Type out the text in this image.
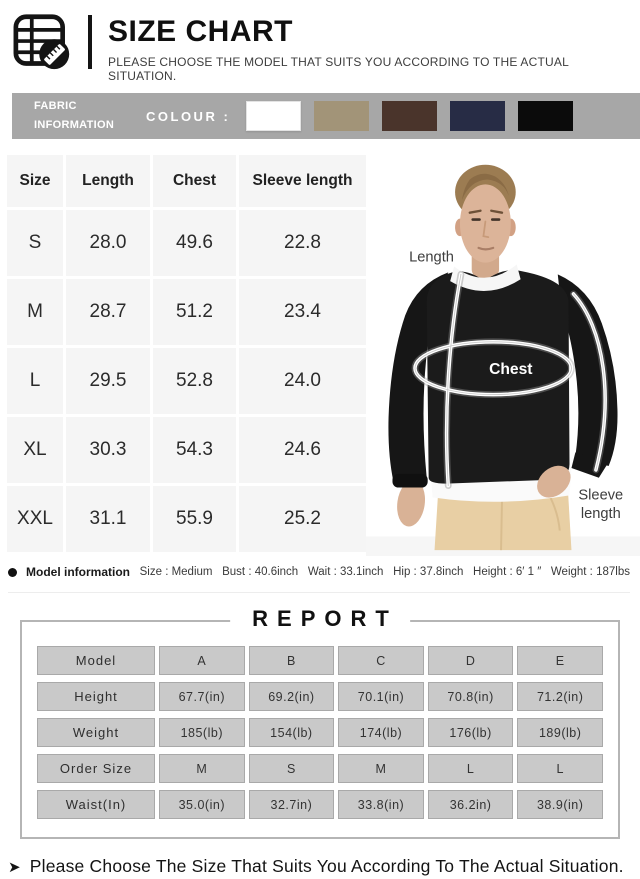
SIZE CHART
PLEASE CHOOSE THE MODEL THAT SUITS YOU ACCORDING TO THE ACTUAL SITUATION.
FABRIC
INFORMATION
COLOUR :
Size	Length	Chest	Sleeve length
S	28.0	49.6	22.8
M	28.7	51.2	23.4
L	29.5	52.8	24.0
XL	30.3	54.3	24.6
XXL	31.1	55.9	25.2
Length
Chest
Sleeve
length
Model information Size : Medium Bust : 40.6inch Wait : 33.1inch Hip : 37.8inch Height : 6′ 1 ″ Weight : 187lbs
REPORT
Model	A	B	C	D	E
Height	67.7(in)	69.2(in)	70.1(in)	70.8(in)	71.2(in)
Weight	185(lb)	154(lb)	174(lb)	176(lb)	189(lb)
Order Size	M	S	M	L	L
Waist(In)	35.0(in)	32.7in)	33.8(in)	36.2in)	38.9(in)
➤ Please Choose The Size That Suits You According To The Actual Situation.
